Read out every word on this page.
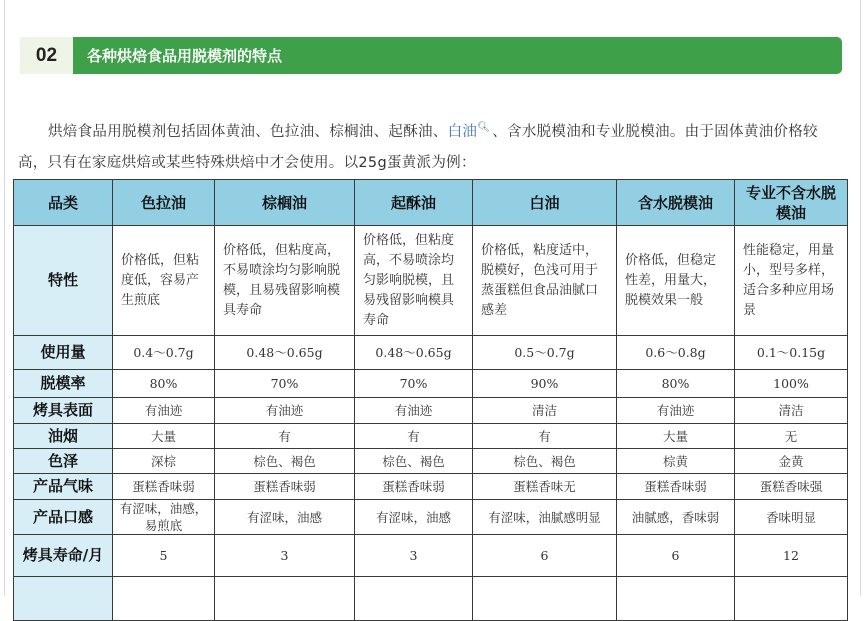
02	各种烘焙食品用脱模剂的特点
烘焙食品用脱模剂包括固体黄油、色拉油、棕榈油、起酥油、白油🔍︎ 、含水脱模油和专业脱模油。由于固体黄油价格较高，只有在家庭烘焙或某些特殊烘焙中才会使用。以25g蛋黄派为例：
品类	色拉油	棕榈油	起酥油	白油	含水脱模油	专业不含水脱模油
特性	价格低，但粘度低，容易产生煎底	价格低，但粘度高，不易喷涂均匀影响脱模，且易残留影响模具寿命	价格低，但粘度高，不易喷涂均匀影响脱模，且易残留影响模具寿命	价格低，粘度适中，脱模好，色浅可用于蒸蛋糕但食品油腻口感差	价格低，但稳定性差，用量大，脱模效果一般	性能稳定，用量小，型号多样，适合多种应用场景
使用量	0.4～0.7g	0.48～0.65g	0.48～0.65g	0.5～0.7g	0.6～0.8g	0.1～0.15g
脱模率	80%	70%	70%	90%	80%	100%
烤具表面	有油迹	有油迹	有油迹	清洁	有油迹	清洁
油烟	大量	有	有	有	大量	无
色泽	深棕	棕色、褐色	棕色、褐色	棕色、褐色	棕黄	金黄
产品气味	蛋糕香味弱	蛋糕香味弱	蛋糕香味弱	蛋糕香味无	蛋糕香味弱	蛋糕香味强
产品口感	有涩味，油感，易煎底	有涩味，油感	有涩味，油感	有涩味，油腻感明显	油腻感，香味弱	香味明显
烤具寿命/月	5	3	3	6	6	12
